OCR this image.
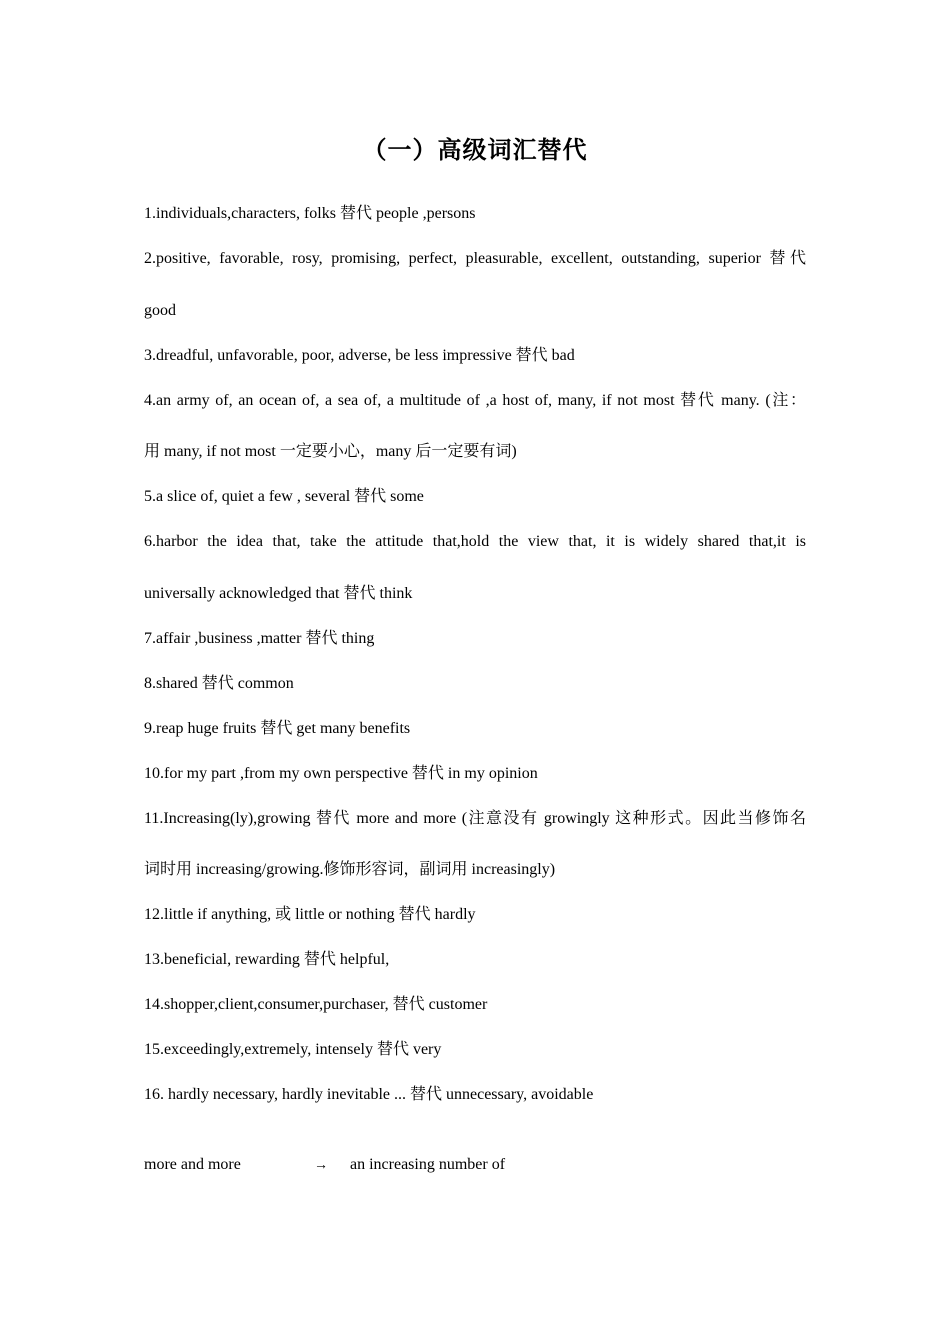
（一）高级词汇替代
1.individuals,characters, folks 替代 people ,persons
2.positive, favorable, rosy, promising, perfect, pleasurable, excellent, outstanding, superior 替代
good
3.dreadful, unfavorable, poor, adverse, be less impressive 替代 bad
4.an army of, an ocean of, a sea of, a multitude of ,a host of, many, if not most 替代 many. (注：
用 many, if not most 一定要小心，many 后一定要有词)
5.a slice of, quiet a few , several 替代 some
6.harbor the idea that, take the attitude that,hold the view that, it is widely shared that,it is
universally acknowledged that 替代 think
7.affair ,business ,matter 替代 thing
8.shared 替代 common
9.reap huge fruits 替代 get many benefits
10.for my part ,from my own perspective 替代 in my opinion
11.Increasing(ly),growing 替代 more and more (注意没有 growingly 这种形式。因此当修饰名
词时用 increasing/growing.修饰形容词，副词用 increasingly)
12.little if anything, 或 little or nothing 替代 hardly
13.beneficial, rewarding 替代 helpful,
14.shopper,client,consumer,purchaser, 替代 customer
15.exceedingly,extremely, intensely 替代 very
16. hardly necessary, hardly inevitable ... 替代 unnecessary, avoidable
more and more	→ an increasing number of
